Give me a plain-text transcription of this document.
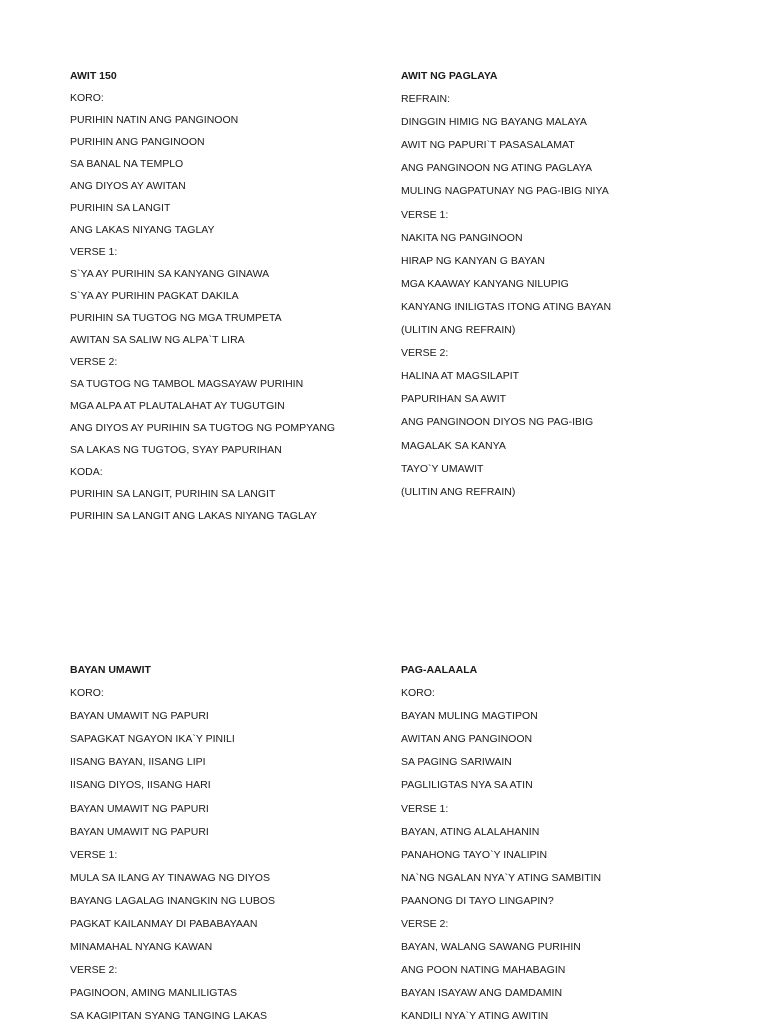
AWIT 150
KORO:
PURIHIN NATIN ANG PANGINOON
PURIHIN ANG PANGINOON
SA BANAL NA TEMPLO
ANG DIYOS AY AWITAN
PURIHIN SA LANGIT
ANG LAKAS NIYANG TAGLAY
VERSE 1:
S`YA AY PURIHIN SA KANYANG GINAWA
S`YA AY PURIHIN PAGKAT DAKILA
PURIHIN SA TUGTOG NG MGA TRUMPETA
AWITAN SA SALIW NG ALPA`T LIRA
VERSE 2:
SA TUGTOG NG TAMBOL MAGSAYAW PURIHIN
MGA ALPA AT PLAUTALAHAT AY TUGUTGIN
ANG DIYOS AY PURIHIN SA TUGTOG NG POMPYANG
SA LAKAS NG TUGTOG, SYAY PAPURIHAN
KODA:
PURIHIN SA LANGIT, PURIHIN SA LANGIT
PURIHIN SA LANGIT ANG LAKAS NIYANG TAGLAY
AWIT NG PAGLAYA
REFRAIN:
DINGGIN HIMIG NG BAYANG MALAYA
AWIT NG PAPURI`T PASASALAMAT
ANG PANGINOON NG ATING PAGLAYA
MULING NAGPATUNAY NG PAG-IBIG NIYA
VERSE 1:
NAKITA NG PANGINOON
HIRAP NG KANYAN G BAYAN
MGA KAAWAY KANYANG NILUPIG
KANYANG INILIGTAS ITONG ATING BAYAN
(ULITIN ANG REFRAIN)
VERSE 2:
HALINA AT MAGSILAPIT
PAPURIHAN SA AWIT
ANG PANGINOON DIYOS NG PAG-IBIG
MAGALAK SA KANYA
TAYO`Y UMAWIT
(ULITIN ANG REFRAIN)
BAYAN UMAWIT
KORO:
BAYAN UMAWIT NG PAPURI
SAPAGKAT NGAYON IKA`Y PINILI
IISANG BAYAN, IISANG LIPI
IISANG DIYOS, IISANG HARI
BAYAN UMAWIT NG PAPURI
BAYAN UMAWIT NG PAPURI
VERSE 1:
MULA SA ILANG AY TINAWAG NG DIYOS
BAYANG LAGALAG INANGKIN NG LUBOS
PAGKAT KAILANMAY DI PABABAYAAN
MINAMAHAL NYANG KAWAN
VERSE 2:
PAGINOON, AMING MANLILIGTAS
SA KAGIPITAN SYANG TANGING LAKAS
PAG-AALAALA
KORO:
BAYAN MULING MAGTIPON
AWITAN ANG PANGINOON
SA PAGING SARIWAIN
PAGLILIGTAS NYA SA ATIN
VERSE 1:
BAYAN, ATING ALALAHANIN
PANAHONG TAYO`Y INALIPIN
NA`NG NGALAN NYA`Y ATING SAMBITIN
PAANONG DI TAYO LINGAPIN?
VERSE 2:
BAYAN, WALANG SAWANG PURIHIN
ANG POON NATING MAHABAGIN
BAYAN ISAYAW ANG DAMDAMIN
KANDILI NYA`Y ATING AWITIN
